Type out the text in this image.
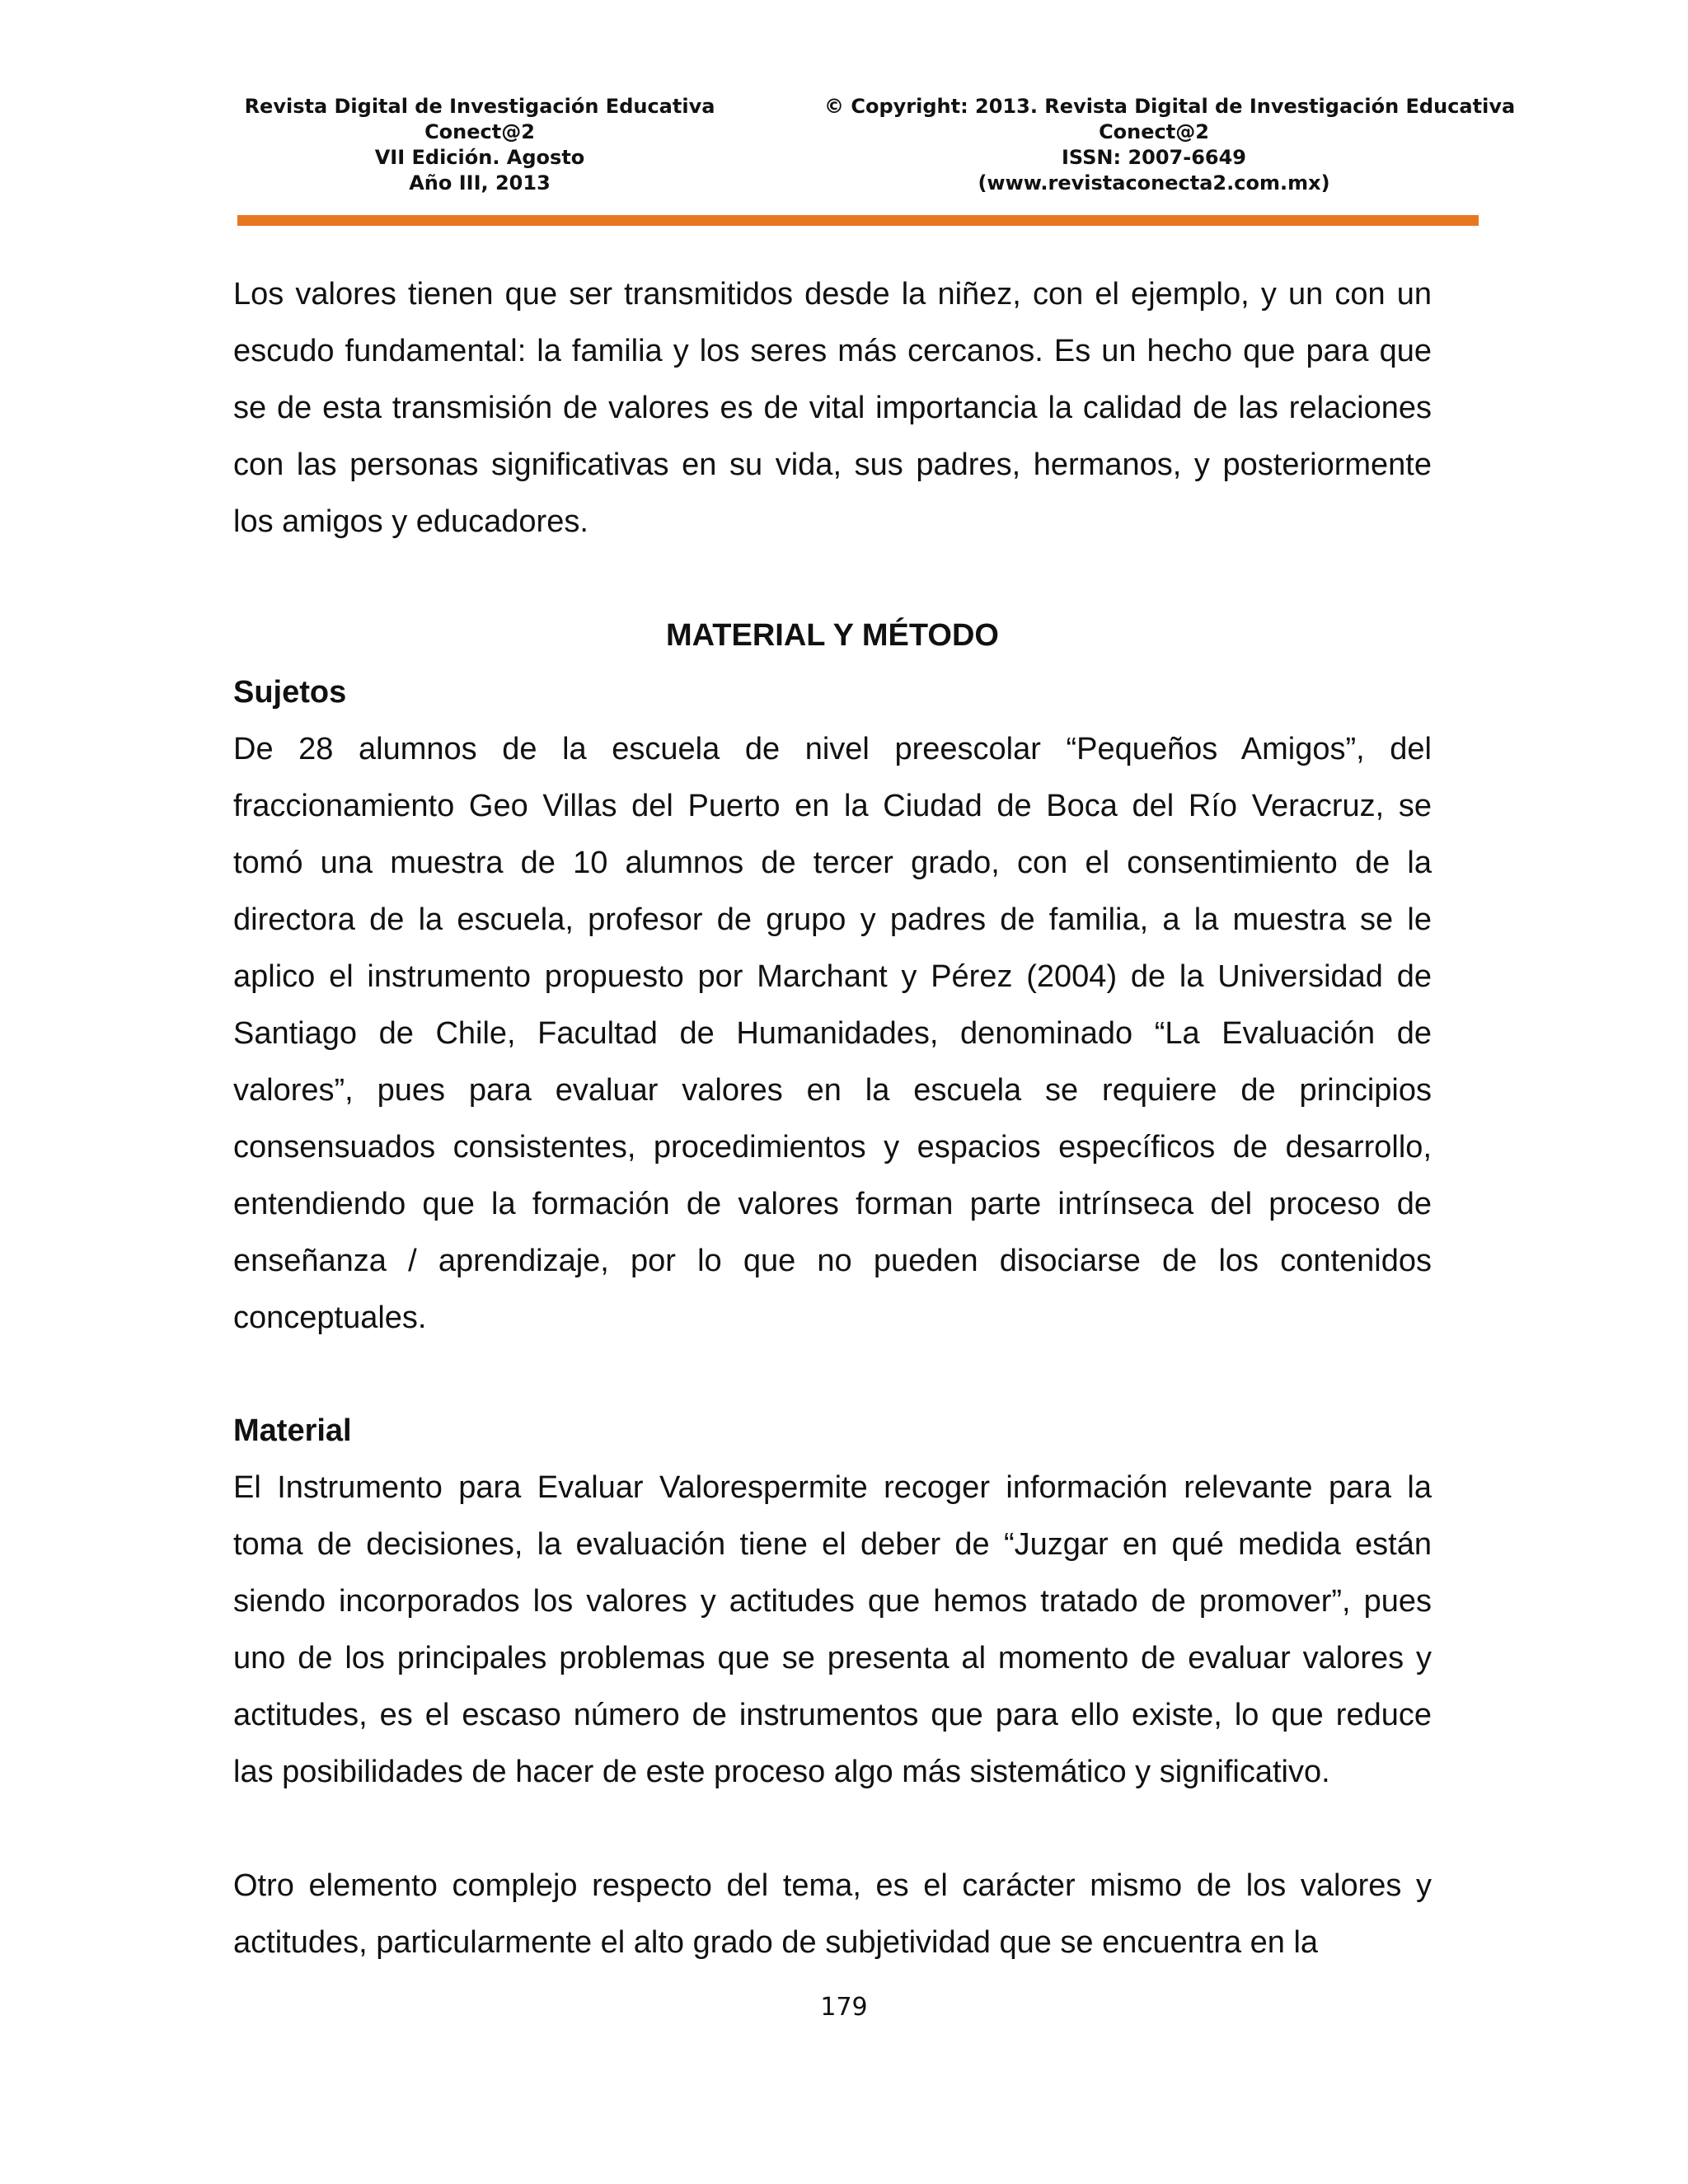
Revista Digital de Investigación Educativa
Conect@2
VII Edición. Agosto
Año III, 2013
© Copyright: 2013. Revista Digital de Investigación Educativa
Conect@2
ISSN: 2007-6649
(www.revistaconecta2.com.mx)

Los valores tienen que ser transmitidos desde la niñez, con el ejemplo, y un con un escudo fundamental: la familia y los seres más cercanos. Es un hecho que para que se de esta transmisión de valores es de vital importancia la calidad de las relaciones con las personas significativas en su vida, sus padres, hermanos, y posteriormente los amigos y educadores.

MATERIAL Y MÉTODO

Sujetos

De 28 alumnos de la escuela de nivel preescolar “Pequeños Amigos”, del fraccionamiento Geo Villas del Puerto en la Ciudad de Boca del Río Veracruz, se tomó una muestra de 10 alumnos de tercer grado, con el consentimiento de la directora de la escuela, profesor de grupo y padres de familia, a la muestra se le aplico el instrumento propuesto por Marchant y Pérez (2004) de la Universidad de Santiago de Chile, Facultad de Humanidades, denominado “La Evaluación de valores”, pues para evaluar valores en la escuela se requiere de principios consensuados consistentes, procedimientos y espacios específicos de desarrollo, entendiendo que la formación de valores forman parte intrínseca del proceso de enseñanza / aprendizaje, por lo que no pueden disociarse de los contenidos conceptuales.

Material

El Instrumento para Evaluar Valorespermite recoger información relevante para la toma de decisiones, la evaluación tiene el deber de “Juzgar en qué medida están siendo incorporados los valores y actitudes que hemos tratado de promover”, pues uno de los principales problemas que se presenta al momento de evaluar valores y actitudes, es el escaso número de instrumentos que para ello existe, lo que reduce las posibilidades de hacer de este proceso algo más sistemático y significativo.

Otro elemento complejo respecto del tema, es el carácter mismo de los valores y actitudes, particularmente el alto grado de subjetividad que se encuentra en la

179
